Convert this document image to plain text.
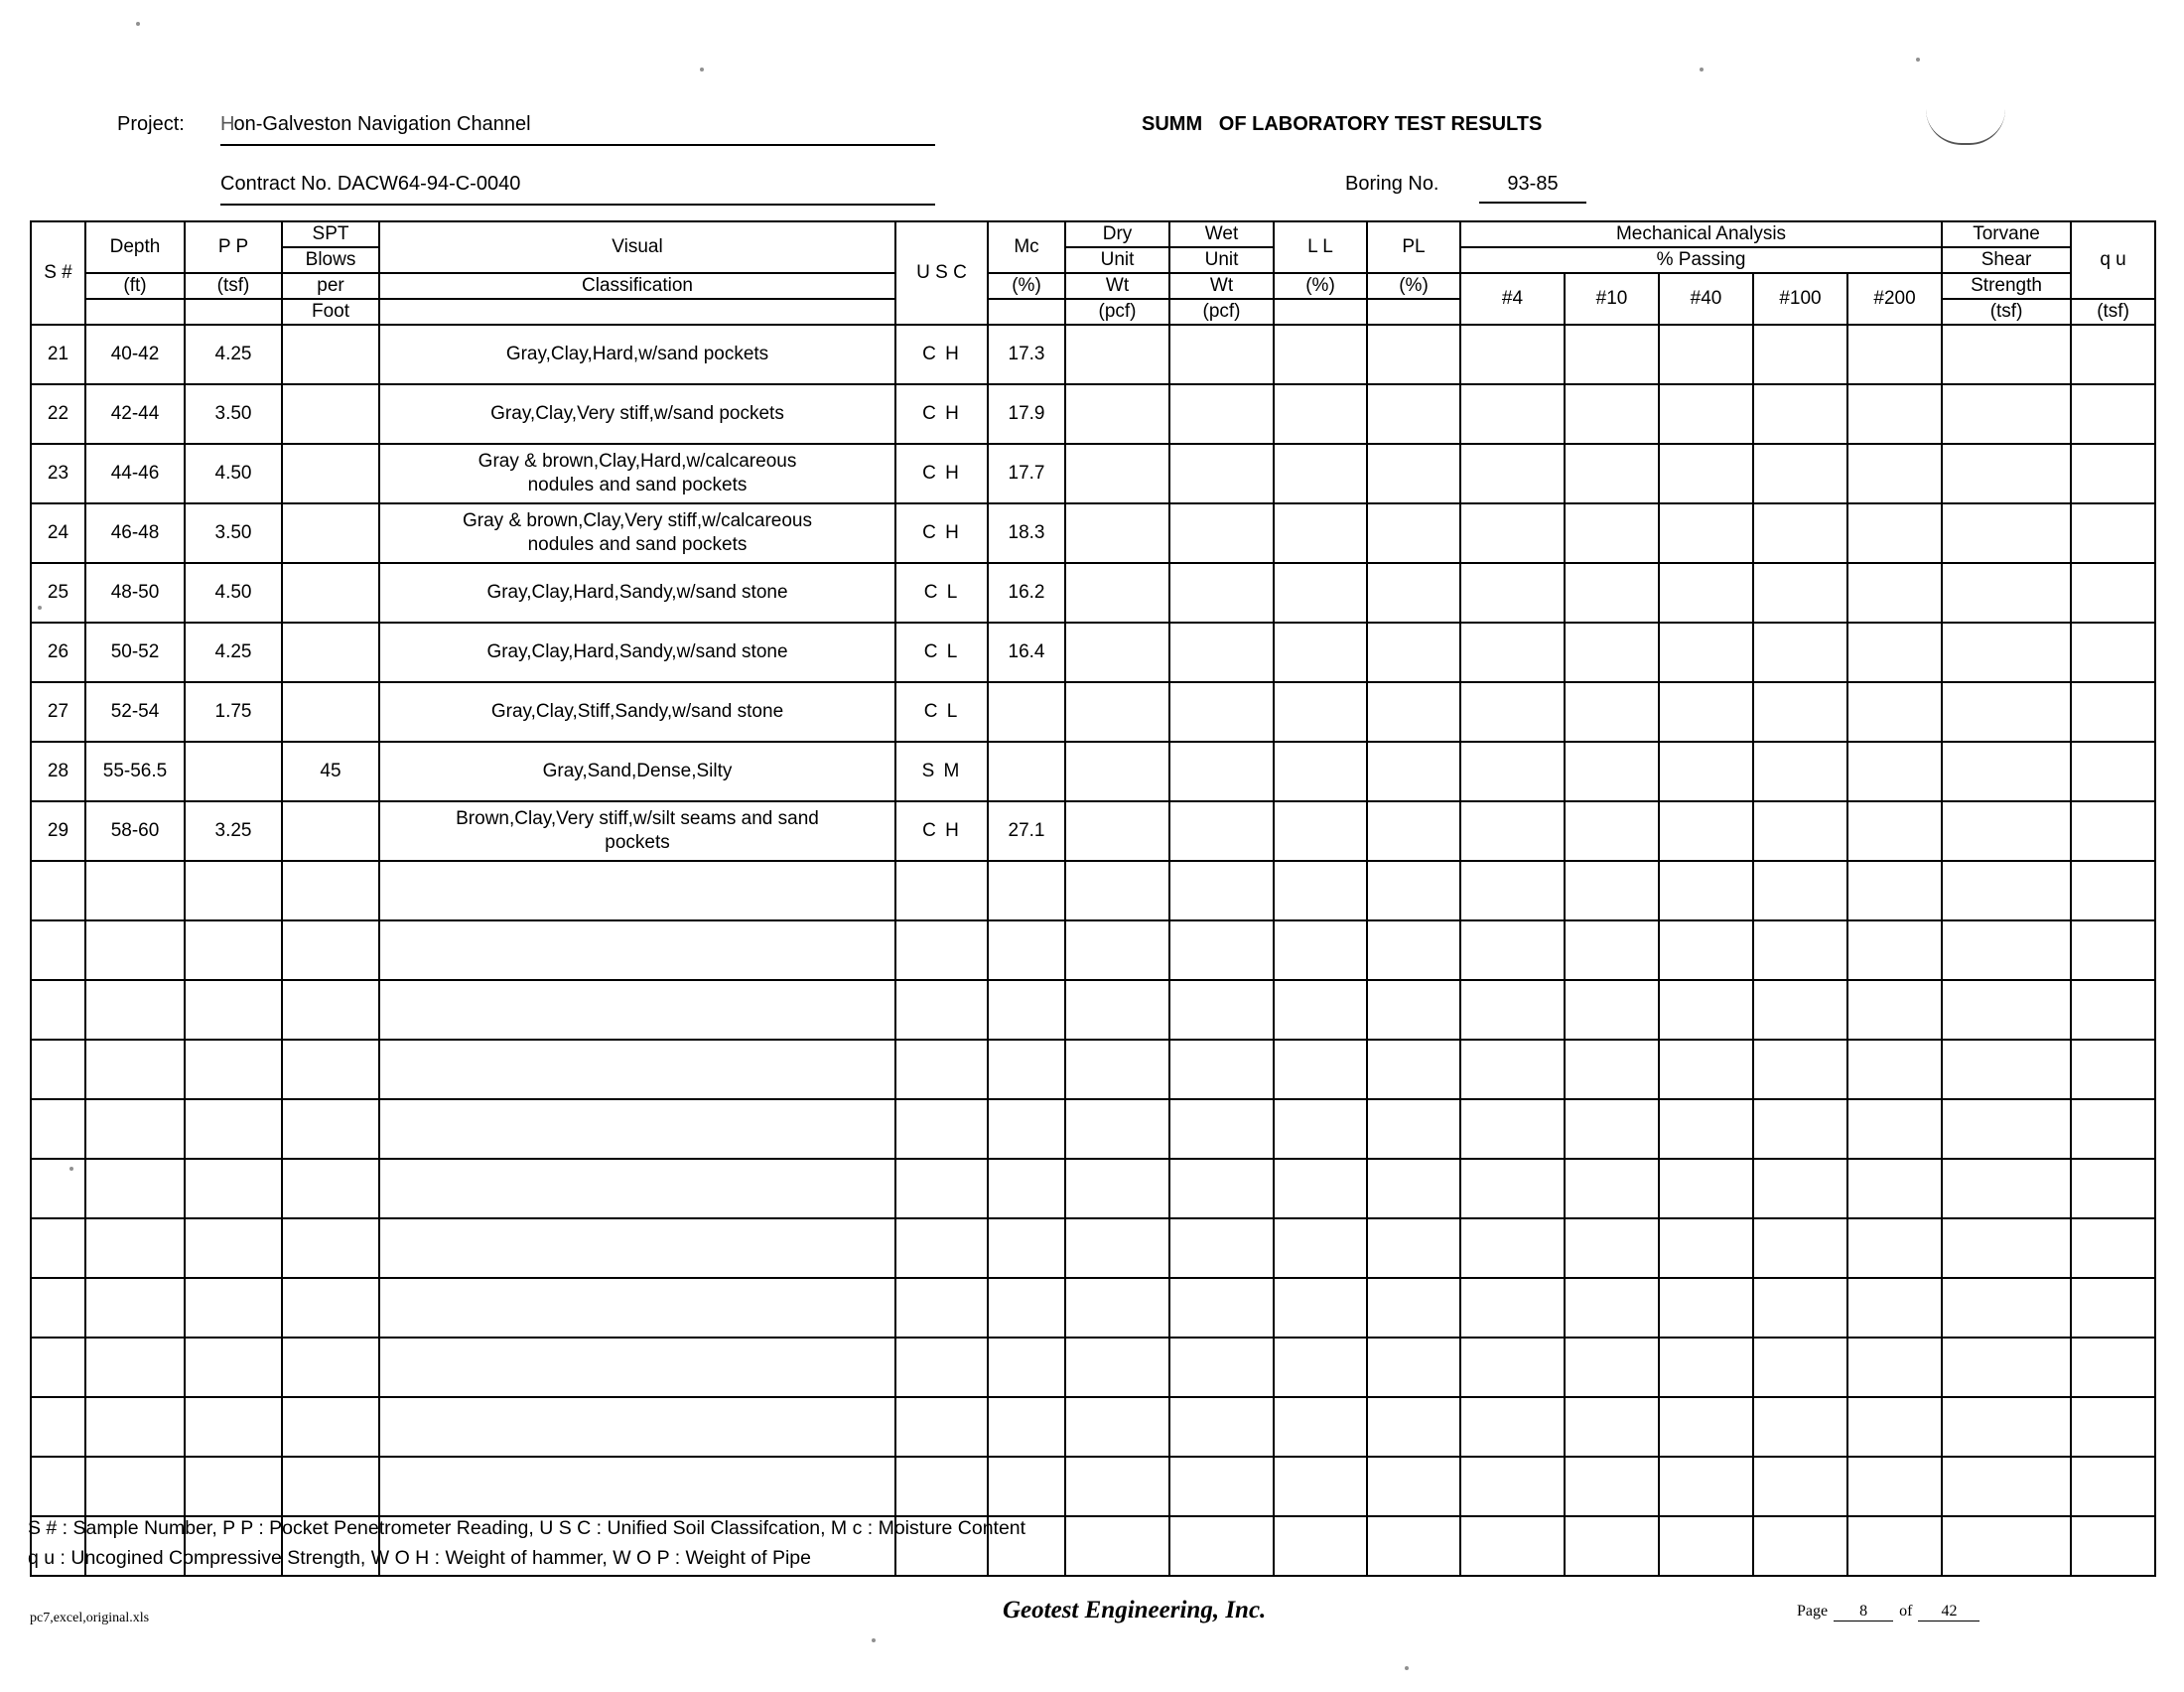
Project: Hon-Galveston Navigation Channel	SUMM OF LABORATORY TEST RESULTS
Contract No. DACW64-94-C-0040	Boring No.	93-85
S #	Depth	P P	SPT	Visual	U S C	Mc	Dry	Wet	L L	PL	Mechanical Analysis					Torvane	q u
			Blows				Unit	Unit			% Passing					Shear	
	(ft)	(tsf)	per	Classification		(%)	Wt	Wt	(%)	(%)	#4	#10	#40	#100	#200	Strength	
			Foot				(pcf)	(pcf)								(tsf)	(tsf)
21	40-42	4.25		Gray,Clay,Hard,w/sand pockets	C H	17.3											
22	42-44	3.50		Gray,Clay,Very stiff,w/sand pockets	C H	17.9											
23	44-46	4.50		Gray & brown,Clay,Hard,w/calcareous
nodules and sand pockets	C H	17.7											
24	46-48	3.50		Gray & brown,Clay,Very stiff,w/calcareous
nodules and sand pockets	C H	18.3											
25	48-50	4.50		Gray,Clay,Hard,Sandy,w/sand stone	C L	16.2											
26	50-52	4.25		Gray,Clay,Hard,Sandy,w/sand stone	C L	16.4											
27	52-54	1.75		Gray,Clay,Stiff,Sandy,w/sand stone	C L												
28	55-56.5		45	Gray,Sand,Dense,Silty	S M												
29	58-60	3.25		Brown,Clay,Very stiff,w/silt seams and sand
pockets	C H	27.1											

S # : Sample Number, P P : Pocket Penetrometer Reading, U S C : Unified Soil Classifcation, M c : Moisture Content
q u : Uncogined Compressive Strength, W O H : Weight of hammer, W O P : Weight of Pipe
pc7,excel,original.xls	Geotest Engineering, Inc.	Page 8 of 42
